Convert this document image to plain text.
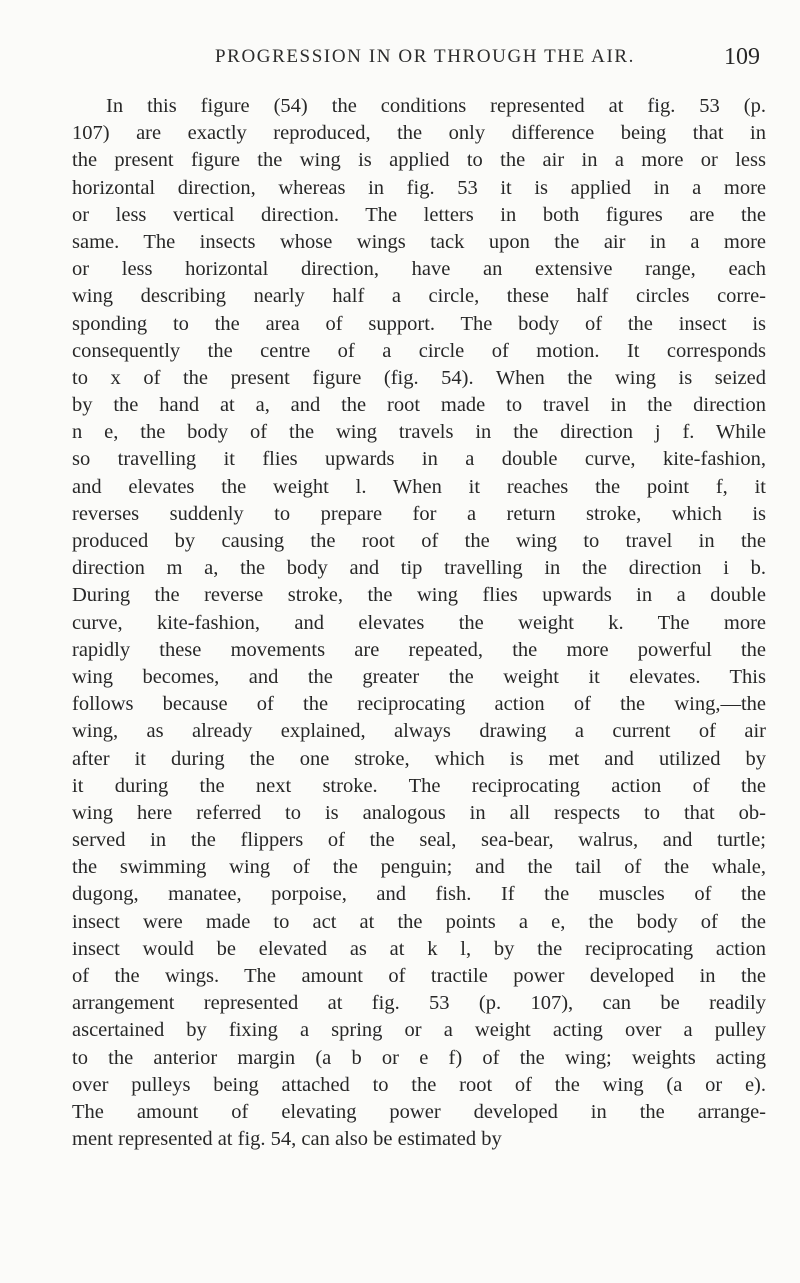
PROGRESSION IN OR THROUGH THE AIR.	109
In this figure (54) the conditions represented at fig. 53 (p.
107) are exactly reproduced, the only difference being that in
the present figure the wing is applied to the air in a more or less
horizontal direction, whereas in fig. 53 it is applied in a more
or less vertical direction. The letters in both figures are the
same. The insects whose wings tack upon the air in a more
or less horizontal direction, have an extensive range, each
wing describing nearly half a circle, these half circles corre-
sponding to the area of support. The body of the insect is
consequently the centre of a circle of motion. It corresponds
to x of the present figure (fig. 54). When the wing is seized
by the hand at a, and the root made to travel in the direction
n e, the body of the wing travels in the direction j f. While
so travelling it flies upwards in a double curve, kite-fashion,
and elevates the weight l. When it reaches the point f, it
reverses suddenly to prepare for a return stroke, which is
produced by causing the root of the wing to travel in the
direction m a, the body and tip travelling in the direction i b.
During the reverse stroke, the wing flies upwards in a double
curve, kite-fashion, and elevates the weight k. The more
rapidly these movements are repeated, the more powerful the
wing becomes, and the greater the weight it elevates. This
follows because of the reciprocating action of the wing,—the
wing, as already explained, always drawing a current of air
after it during the one stroke, which is met and utilized by
it during the next stroke. The reciprocating action of the
wing here referred to is analogous in all respects to that ob-
served in the flippers of the seal, sea-bear, walrus, and turtle;
the swimming wing of the penguin; and the tail of the whale,
dugong, manatee, porpoise, and fish. If the muscles of the
insect were made to act at the points a e, the body of the
insect would be elevated as at k l, by the reciprocating action
of the wings. The amount of tractile power developed in the
arrangement represented at fig. 53 (p. 107), can be readily
ascertained by fixing a spring or a weight acting over a pulley
to the anterior margin (a b or e f) of the wing; weights acting
over pulleys being attached to the root of the wing (a or e).
The amount of elevating power developed in the arrange-
ment represented at fig. 54, can also be estimated by
